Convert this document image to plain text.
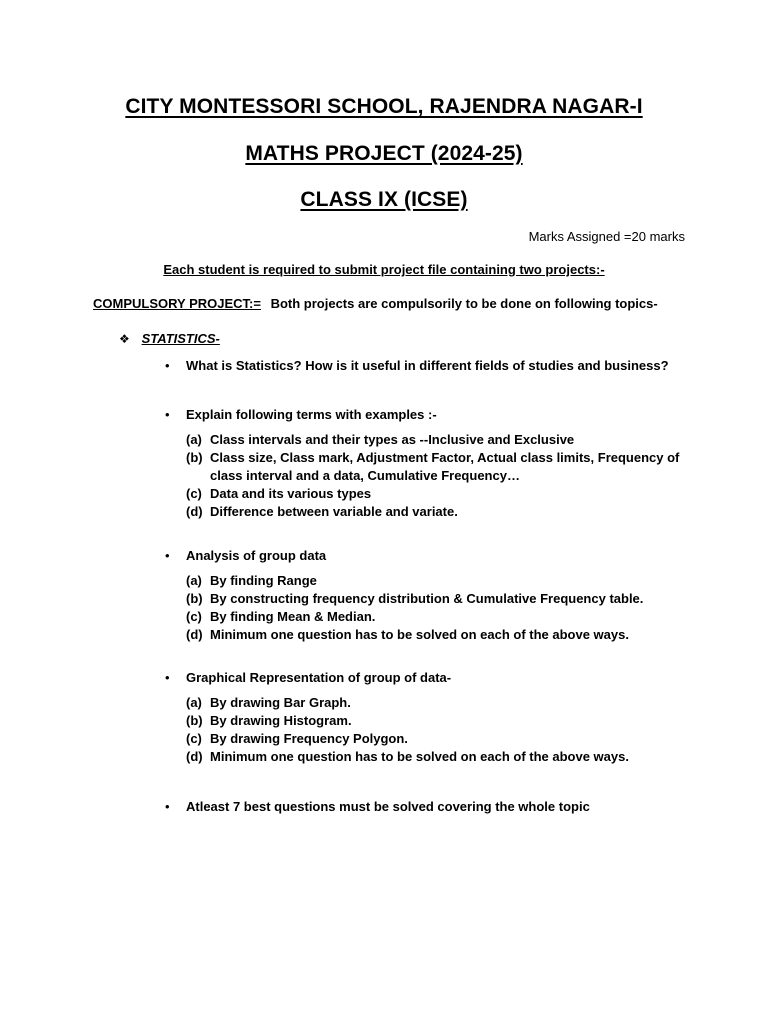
CITY MONTESSORI SCHOOL, RAJENDRA NAGAR-I
MATHS PROJECT (2024-25)
CLASS IX (ICSE)
Marks Assigned =20 marks
Each student is required to submit project file containing two projects:-
COMPULSORY PROJECT:= Both projects are compulsorily to be done on following topics-
❖ STATISTICS-
• What is Statistics? How is it useful in different fields of studies and business?
• Explain following terms with examples :-
(a) Class intervals and their types as --Inclusive and Exclusive
(b) Class size, Class mark, Adjustment Factor, Actual class limits, Frequency of class interval and a data, Cumulative Frequency…
(c) Data and its various types
(d) Difference between variable and variate.
• Analysis of group data
(a) By finding Range
(b) By constructing frequency distribution & Cumulative Frequency table.
(c) By finding Mean & Median.
(d) Minimum one question has to be solved on each of the above ways.
• Graphical Representation of group of data-
(a) By drawing Bar Graph.
(b) By drawing Histogram.
(c) By drawing Frequency Polygon.
(d) Minimum one question has to be solved on each of the above ways.
• Atleast 7 best questions must be solved covering the whole topic
